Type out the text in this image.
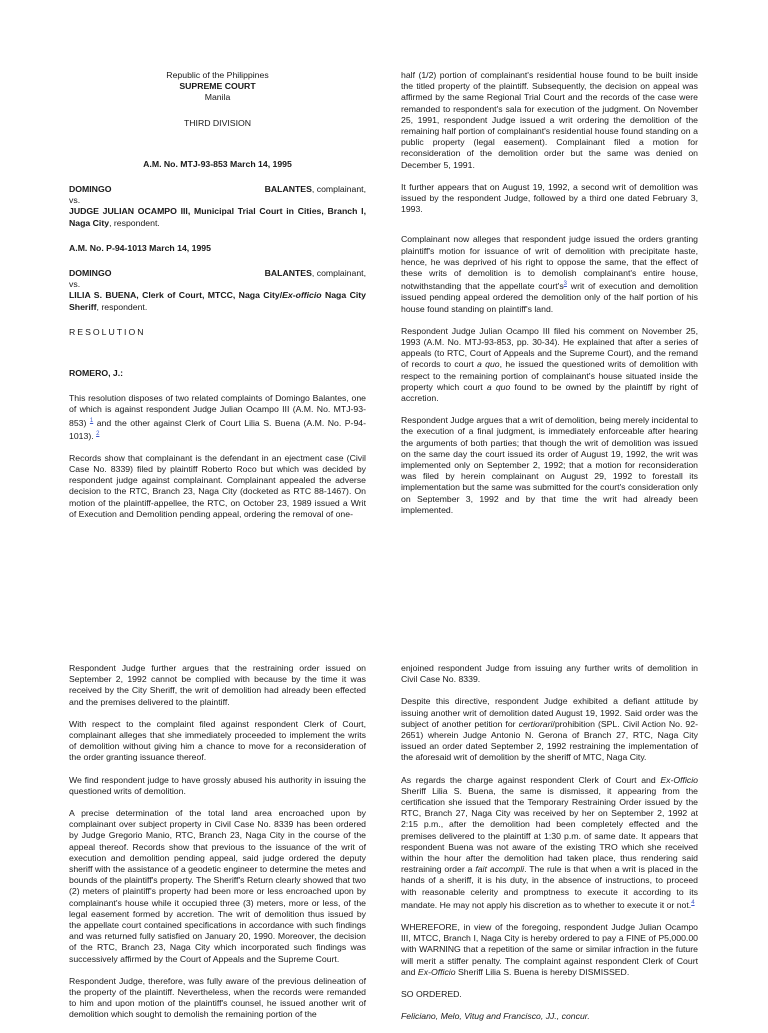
Republic of the Philippines
SUPREME COURT
Manila
THIRD DIVISION
A.M. No. MTJ-93-853 March 14, 1995
DOMINGO	BALANTES, complainant,
vs.
JUDGE JULIAN OCAMPO III, Municipal Trial Court in Cities, Branch I, Naga City, respondent.
A.M. No. P-94-1013 March 14, 1995
DOMINGO	BALANTES, complainant,
vs.
LILIA S. BUENA, Clerk of Court, MTCC, Naga City/Ex-officio Naga City Sheriff, respondent.
RESOLUTION
ROMERO, J.:

This resolution disposes of two related complaints of Domingo Balantes, one of which is against respondent Judge Julian Ocampo III (A.M. No. MTJ-93-853) $^1$ and the other against Clerk of Court Lilia S. Buena (A.M. No. P-94-1013). $^2$

Records show that complainant is the defendant in an ejectment case (Civil Case No. 8339) filed by plaintiff Roberto Roco but which was decided by respondent judge against complainant. Complainant appealed the adverse decision to the RTC, Branch 23, Naga City (docketed as RTC 88-1467). On motion of the plaintiff-appellee, the RTC, on October 23, 1989 issued a Writ of Execution and Demolition pending appeal, ordering the removal of one-

half (1/2) portion of complainant's residential house found to be built inside the titled property of the plaintiff. Subsequently, the decision on appeal was affirmed by the same Regional Trial Court and the records of the case were remanded to respondent's sala for execution of the judgment. On November 25, 1991, respondent Judge issued a writ ordering the demolition of the remaining half portion of complainant's residential house found standing on a public property (legal easement). Complainant filed a motion for reconsideration of the demolition order but the same was denied on December 5, 1991.

It further appears that on August 19, 1992, a second writ of demolition was issued by the respondent Judge, followed by a third one dated February 3, 1993.

Complainant now alleges that respondent judge issued the orders granting plaintiff's motion for issuance of writ of demolition with precipitate haste, hence, he was deprived of his right to oppose the same, that the effect of these writs of demolition is to demolish complainant's entire house, notwithstanding that the appellate court's$^3$ writ of execution and demolition issued pending appeal ordered the demolition only of the half portion of his house found standing on plaintiff's land.

Respondent Judge Julian Ocampo III filed his comment on November 25, 1993 (A.M. No. MTJ-93-853, pp. 30-34). He explained that after a series of appeals (to RTC, Court of Appeals and the Supreme Court), and the remand of records to court a quo, he issued the questioned writs of demolition with respect to the remaining portion of complainant's house situated inside the property which court a quo found to be owned by the plaintiff by right of accretion.

Respondent Judge argues that a writ of demolition, being merely incidental to the execution of a final judgment, is immediately enforceable after hearing the arguments of both parties; that though the writ of demolition was issued on the same day the court issued its order of August 19, 1992, the writ was implemented only on September 2, 1992; that a motion for reconsideration was filed by herein complainant on August 29, 1992 to forestall its implementation but the same was submitted for the court's consideration only on September 3, 1992 and by that time the writ had already been implemented.

Respondent Judge further argues that the restraining order issued on September 2, 1992 cannot be complied with because by the time it was received by the City Sheriff, the writ of demolition had already been effected and the premises delivered to the plaintiff.

With respect to the complaint filed against respondent Clerk of Court, complainant alleges that she immediately proceeded to implement the writs of demolition without giving him a chance to move for a reconsideration of the order granting issuance thereof.

We find respondent judge to have grossly abused his authority in issuing the questioned writs of demolition.

A precise determination of the total land area encroached upon by complainant over subject property in Civil Case No. 8339 has been ordered by Judge Gregorio Manio, RTC, Branch 23, Naga City in the course of the appeal thereof. Records show that previous to the issuance of the writ of execution and demolition pending appeal, said judge ordered the deputy sheriff with the assistance of a geodetic engineer to determine the metes and bounds of the plaintiff's property. The Sheriff's Return clearly showed that two (2) meters of plaintiff's property had been more or less encroached upon by complainant's house while it occupied three (3) meters, more or less, of the legal easement formed by accretion. The writ of demolition thus issued by the appellate court contained specifications in accordance with such findings and was returned fully satisfied on January 20, 1990. Moreover, the decision of the RTC, Branch 23, Naga City which incorporated such findings was successively affirmed by the Court of Appeals and the Supreme Court.

Respondent Judge, therefore, was fully aware of the previous delineation of the property of the plaintiff. Nevertheless, when the records were remanded to him and upon motion of the plaintiff's counsel, he issued another writ of demolition which sought to demolish the remaining portion of the

enjoined respondent Judge from issuing any further writs of demolition in Civil Case No. 8339.

Despite this directive, respondent Judge exhibited a defiant attitude by issuing another writ of demolition dated August 19, 1992. Said order was the subject of another petition for certiorari/prohibition (SPL. Civil Action No. 92-2651) wherein Judge Antonio N. Gerona of Branch 27, RTC, Naga City issued an order dated September 2, 1992 restraining the implementation of the aforesaid writ of demolition by the sheriff of MTC, Naga City.

As regards the charge against respondent Clerk of Court and Ex-Officio Sheriff Lilia S. Buena, the same is dismissed, it appearing from the certification she issued that the Temporary Restraining Order issued by the RTC, Branch 27, Naga City was received by her on September 2, 1992 at 2:15 p.m., after the demolition had been completely effected and the premises delivered to the plaintiff at 1:30 p.m. of same date. It appears that respondent Buena was not aware of the existing TRO which she received within the hour after the demolition had taken place, thus rendering said restraining order a fait accompli. The rule is that when a writ is placed in the hands of a sheriff, it is his duty, in the absence of instructions, to proceed with reasonable celerity and promptness to execute it according to its mandate. He may not apply his discretion as to whether to execute it or not.$^4$

WHEREFORE, in view of the foregoing, respondent Judge Julian Ocampo III, MTCC, Branch I, Naga City is hereby ordered to pay a FINE of P5,000.00 with WARNING that a repetition of the same or similar infraction in the future will merit a stiffer penalty. The complaint against respondent Clerk of Court and Ex-Officio Sheriff Lilia S. Buena is hereby DISMISSED.

SO ORDERED.

Feliciano, Melo, Vitug and Francisco, JJ., concur.
